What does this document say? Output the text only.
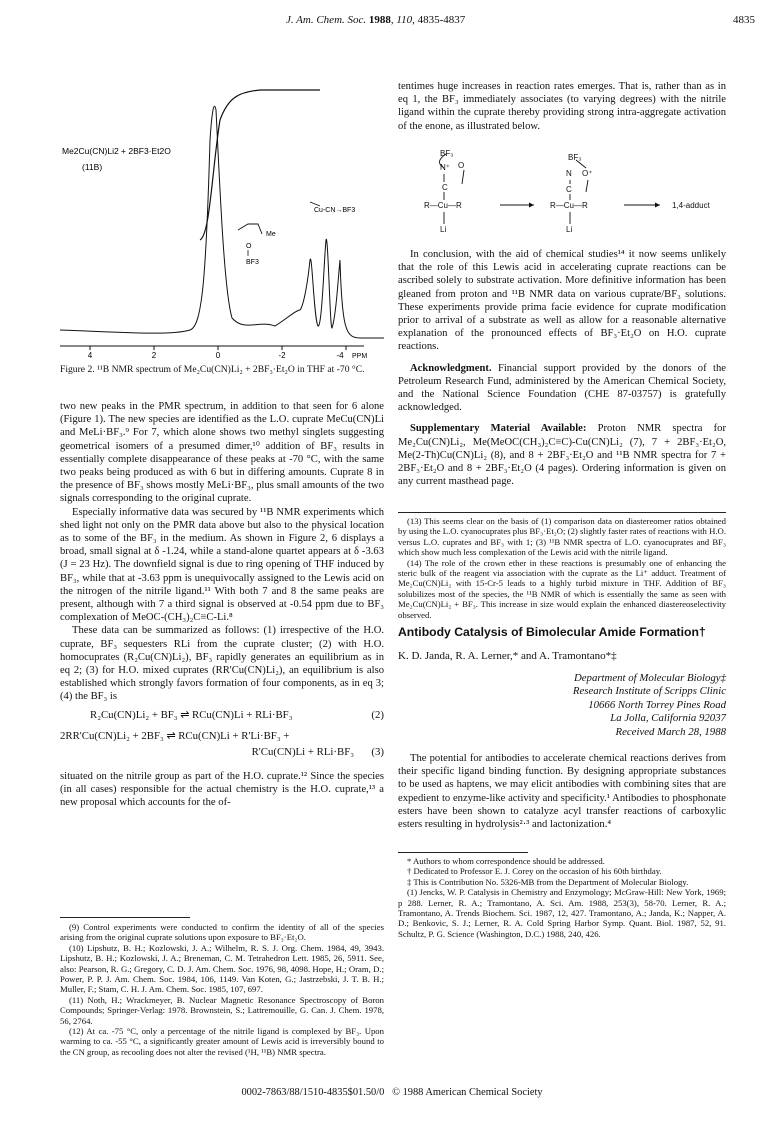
J. Am. Chem. Soc. 1988, 110, 4835-4837	4835
4	2	0	-2	-4 PPM
Me2Cu(CN)Li2 + 2BF3·Et2O
(11B)
Cu-CN→BF3
Me
O
BF3
Figure 2. ¹¹B NMR spectrum of Me₂Cu(CN)Li₂ + 2BF₃·Et₂O in THF at -70 °C.

two new peaks in the PMR spectrum, in addition to that seen for 6 alone (Figure 1). The new species are identified as the L.O. cuprate MeCu(CN)Li and MeLi·BF₃.⁹ For 7, which alone shows two methyl singlets suggesting geometrical isomers of a presumed dimer,¹⁰ addition of BF₃ results in essentially complete disappearance of these peaks at -70 °C, with the same two peaks being produced as with 6 but in differing amounts. Cuprate 8 in the presence of BF₃ shows mostly MeLi·BF₃, plus small amounts of the two signals corresponding to the original cuprate.

Especially informative data was secured by ¹¹B NMR experiments which shed light not only on the PMR data above but also to the physical location as to some of the BF₃ in the medium. As shown in Figure 2, 6 displays a broad, small signal at δ -1.24, while a stand-alone quartet appears at δ -3.63 (J = 23 Hz). The downfield signal is due to ring opening of THF induced by BF₃, while that at -3.63 ppm is unequivocally assigned to the Lewis acid on the nitrogen of the nitrile ligand.¹¹ With both 7 and 8 the same peaks are present, although with 7 a third signal is observed at -0.54 ppm due to BF₃ complexation of MeOC-(CH₃)₂C≡C-Li.⁸

These data can be summarized as follows: (1) irrespective of the H.O. cuprate, BF₃ sequesters RLi from the cuprate cluster; (2) with H.O. homocuprates (R₂Cu(CN)Li₂), BF₃ rapidly generates an equilibrium as in eq 2; (3) for H.O. mixed cuprates (RR'Cu(CN)Li₂), an equilibrium is also established which strongly favors formation of four components, as in eq 3; (4) the BF₃ is

R₂Cu(CN)Li₂ + BF₃ ⇌ RCu(CN)Li + RLi·BF₃	(2)
2RR'Cu(CN)Li₂ + 2BF₃ ⇌ RCu(CN)Li + R'Li·BF₃ +
R'Cu(CN)Li + RLi·BF₃ (3)

situated on the nitrile group as part of the H.O. cuprate.¹² Since the species (in all cases) responsible for the actual chemistry is the H.O. cuprate,¹³ a new proposal which accounts for the of-

(9) Control experiments were conducted to confirm the identity of all of the species arising from the original cuprate solutions upon exposure to BF₃·Et₂O.

(10) Lipshutz, B. H.; Kozlowski, J. A.; Wilhelm, R. S. J. Org. Chem. 1984, 49, 3943. Lipshutz, B. H.; Kozlowski, J. A.; Breneman, C. M. Tetrahedron Lett. 1985, 26, 5911. See, also: Pearson, R. G.; Gregory, C. D. J. Am. Chem. Soc. 1976, 98, 4098. Hope, H.; Oram, D.; Power, P. P. J. Am. Chem. Soc. 1984, 106, 1149. Van Koten, G.; Jastrzebski, J. T. B. H.; Muller, F.; Stam, C. H. J. Am. Chem. Soc. 1985, 107, 697.

(11) Noth, H.; Wrackmeyer, B. Nuclear Magnetic Resonance Spectroscopy of Boron Compounds; Springer-Verlag: 1978. Brownstein, S.; Lattremouille, G. Can. J. Chem. 1978, 56, 2764.

(12) At ca. -75 °C, only a percentage of the nitrile ligand is complexed by BF₃. Upon warming to ca. -55 °C, a significantly greater amount of Lewis acid is irreversibly bound to the CN group, as recooling does not alter the revised (¹H, ¹¹B) NMR spectra.

tentimes huge increases in reaction rates emerges. That is, rather than as in eq 1, the BF₃ immediately associates (to varying degrees) with the nitrile ligand within the cuprate thereby providing strong intra-aggregate activation of the enone, as illustrated below.

BF₃
N⁺ O
C
R—Cu—R
Li
BF₃
N O⁺
C
R—Cu—R
Li
1,4-adduct

In conclusion, with the aid of chemical studies¹⁴ it now seems unlikely that the role of this Lewis acid in accelerating cuprate reactions can be ascribed solely to substrate activation. More definitive information has been gleaned from proton and ¹¹B NMR data on various cuprate/BF₃ solutions. These experiments provide prima facie evidence for cuprate modification prior to arrival of a substrate as well as allow for a reasonable alternative explanation of the pronounced effects of BF₃·Et₂O on H.O. cuprate reactions.

Acknowledgment. Financial support provided by the donors of the Petroleum Research Fund, administered by the American Chemical Society, and the National Science Foundation (CHE 87-03757) is gratefully acknowledged.

Supplementary Material Available: Proton NMR spectra for Me₂Cu(CN)Li₂, Me(MeOC(CH₃)₂C≡C)-Cu(CN)Li₂ (7), 7 + 2BF₃·Et₂O, Me(2-Th)Cu(CN)Li₂ (8), and 8 + 2BF₃·Et₂O and ¹¹B NMR spectra for 7 + 2BF₃·Et₂O and 8 + 2BF₃·Et₂O (4 pages). Ordering information is given on any current masthead page.

(13) This seems clear on the basis of (1) comparison data on diastereomer ratios obtained by using the L.O. cyanocuprates plus BF₃·Et₂O; (2) slightly faster rates of reactions with H.O. versus L.O. cuprates and BF₃ with 1; (3) ¹¹B NMR spectra of L.O. cyanocuprates and BF₃ which show much less complexation of the Lewis acid with the nitrile ligand.

(14) The role of the crown ether in these reactions is presumably one of enhancing the steric bulk of the reagent via association with the cuprate as the Li⁺ adduct. Treatment of Me₂Cu(CN)Li₂ with 15-Cr-5 leads to a highly turbid mixture in THF. Addition of BF₃ solubilizes most of the species, the ¹¹B NMR of which is essentially the same as seen with Me₂Cu(CN)Li₂ + BF₃. This increase in size would explain the enhanced diastereoselectivity observed.

Antibody Catalysis of Bimolecular Amide Formation†
K. D. Janda, R. A. Lerner,* and A. Tramontano*‡
Department of Molecular Biology‡
Research Institute of Scripps Clinic
10666 North Torrey Pines Road
La Jolla, California 92037
Received March 28, 1988

The potential for antibodies to accelerate chemical reactions derives from their specific ligand binding function. By designing appropriate substances to be used as haptens, we may elicit antibodies with combining sites that are expedient to enzyme-like activity and specificity.¹ Antibodies to phosphonate esters have been shown to catalyze acyl transfer reactions of carboxylic esters resulting in hydrolysis²·³ and lactonization.⁴

* Authors to whom correspondence should be addressed.

† Dedicated to Professor E. J. Corey on the occasion of his 60th birthday.

‡ This is Contribution No. 5326-MB from the Department of Molecular Biology.

(1) Jencks, W. P. Catalysis in Chemistry and Enzymology; McGraw-Hill: New York, 1969; p 288. Lerner, R. A.; Tramontano, A. Sci. Am. 1988, 253(3), 58-70. Lerner, R. A.; Tramontano, A. Trends Biochem. Sci. 1987, 12, 427. Tramontano, A.; Janda, K.; Napper, A. D.; Benkovic, S. J.; Lerner, R. A. Cold Spring Harbor Symp. Quant. Biol. 1987, 52, 91. Schultz, P. G. Science (Washington, D.C.) 1988, 240, 426.

0002-7863/88/1510-4835$01.50/0 © 1988 American Chemical Society
